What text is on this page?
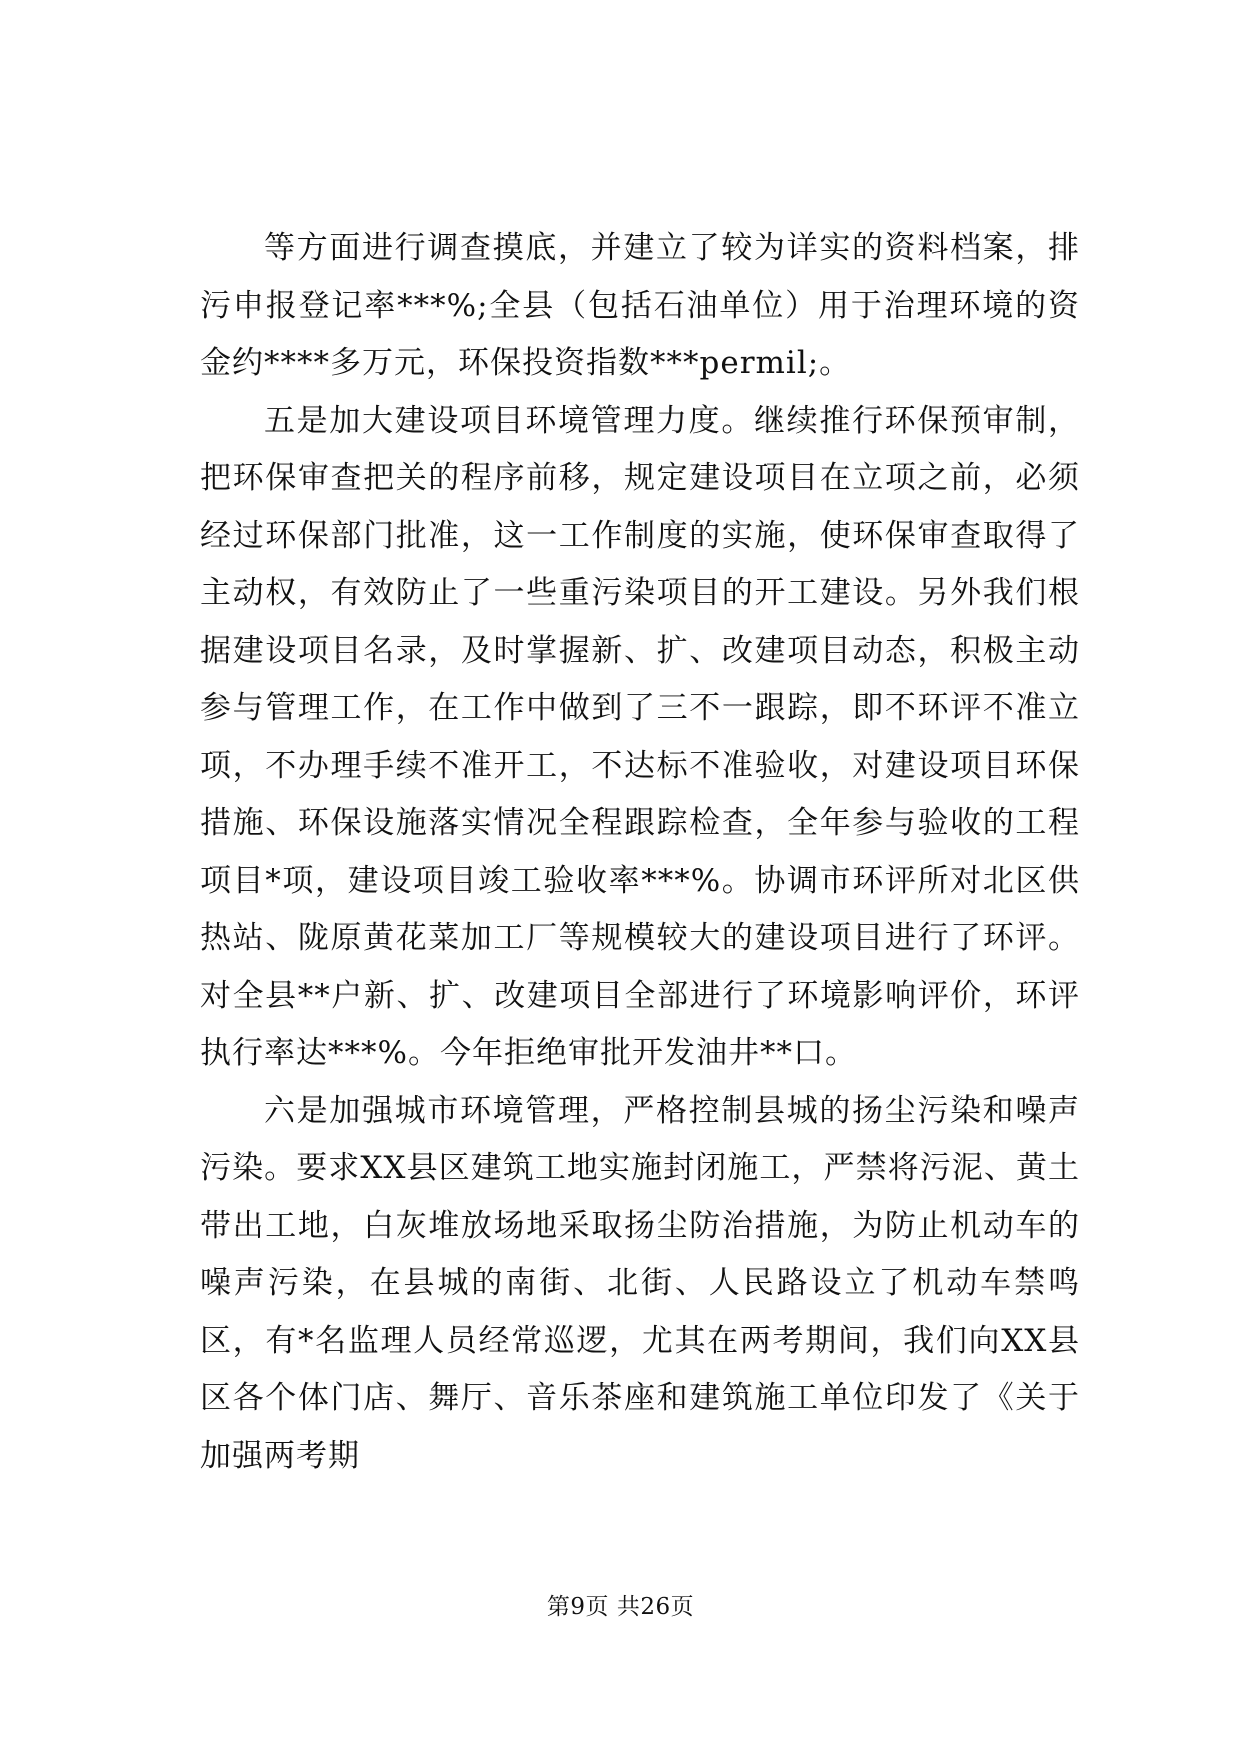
等方面进行调查摸底，并建立了较为详实的资料档案，排污申报登记率***%;全县（包括石油单位）用于治理环境的资金约****多万元，环保投资指数***permil;。

五是加大建设项目环境管理力度。继续推行环保预审制，把环保审查把关的程序前移，规定建设项目在立项之前，必须经过环保部门批准，这一工作制度的实施，使环保审查取得了主动权，有效防止了一些重污染项目的开工建设。另外我们根据建设项目名录，及时掌握新、扩、改建项目动态，积极主动参与管理工作，在工作中做到了三不一跟踪，即不环评不准立项，不办理手续不准开工，不达标不准验收，对建设项目环保措施、环保设施落实情况全程跟踪检查，全年参与验收的工程项目*项，建设项目竣工验收率***%。协调市环评所对北区供热站、陇原黄花菜加工厂等规模较大的建设项目进行了环评。对全县**户新、扩、改建项目全部进行了环境影响评价，环评执行率达***%。今年拒绝审批开发油井**口。

六是加强城市环境管理，严格控制县城的扬尘污染和噪声污染。要求XX县区建筑工地实施封闭施工，严禁将污泥、黄土带出工地，白灰堆放场地采取扬尘防治措施，为防止机动车的噪声污染，在县城的南街、北街、人民路设立了机动车禁鸣区，有*名监理人员经常巡逻，尤其在两考期间，我们向XX县区各个体门店、舞厅、音乐茶座和建筑施工单位印发了《关于加强两考期

第9页 共26页
